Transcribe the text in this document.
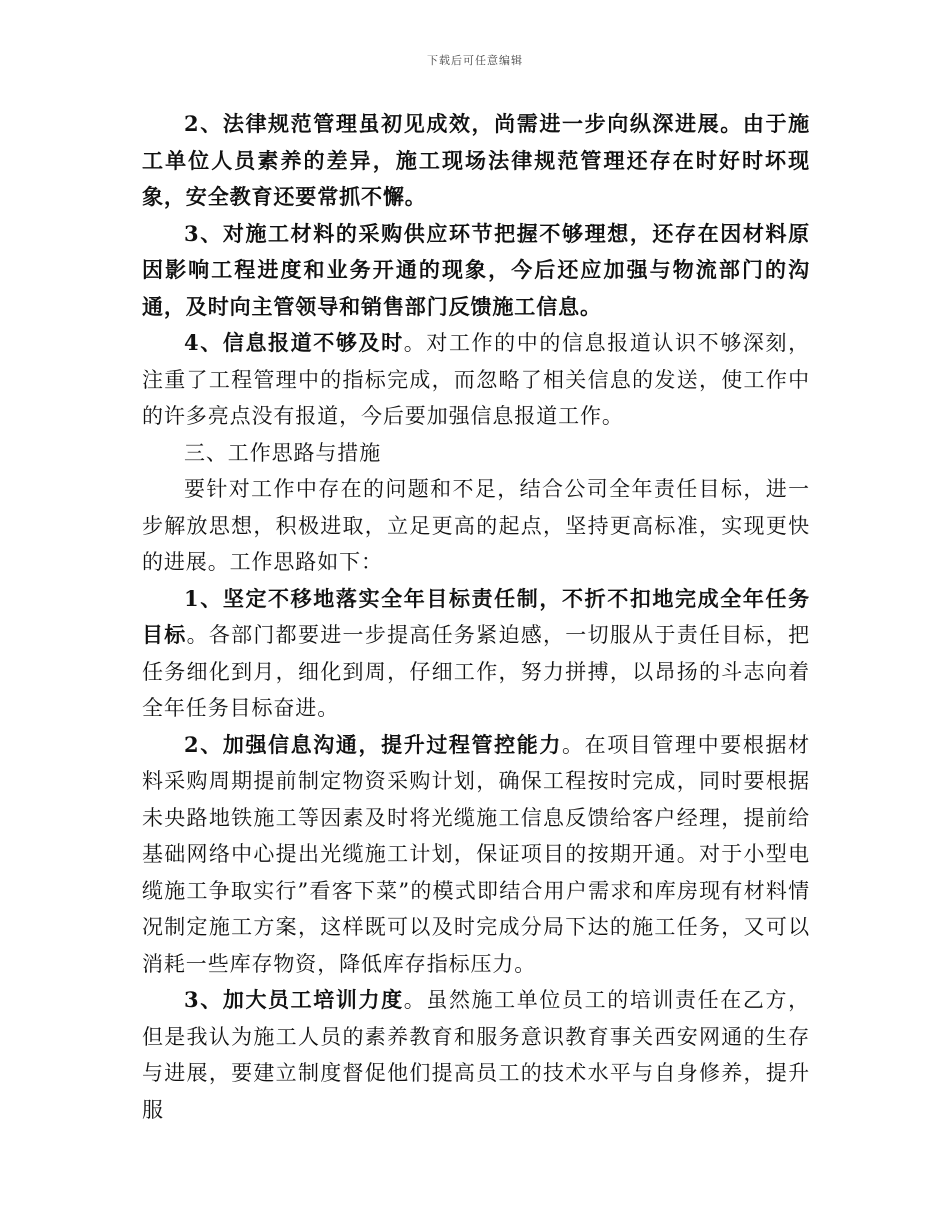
下载后可任意编辑

2、法律规范管理虽初见成效，尚需进一步向纵深进展。由于施工单位人员素养的差异，施工现场法律规范管理还存在时好时坏现象，安全教育还要常抓不懈。

3、对施工材料的采购供应环节把握不够理想，还存在因材料原因影响工程进度和业务开通的现象，今后还应加强与物流部门的沟通，及时向主管领导和销售部门反馈施工信息。

4、信息报道不够及时。对工作的中的信息报道认识不够深刻，注重了工程管理中的指标完成，而忽略了相关信息的发送，使工作中的许多亮点没有报道，今后要加强信息报道工作。

三、工作思路与措施

要针对工作中存在的问题和不足，结合公司全年责任目标，进一步解放思想，积极进取，立足更高的起点，坚持更高标准，实现更快的进展。工作思路如下：

1、坚定不移地落实全年目标责任制，不折不扣地完成全年任务目标。各部门都要进一步提高任务紧迫感，一切服从于责任目标，把任务细化到月，细化到周，仔细工作，努力拼搏，以昂扬的斗志向着全年任务目标奋进。

2、加强信息沟通，提升过程管控能力。在项目管理中要根据材料采购周期提前制定物资采购计划，确保工程按时完成，同时要根据未央路地铁施工等因素及时将光缆施工信息反馈给客户经理，提前给基础网络中心提出光缆施工计划，保证项目的按期开通。对于小型电缆施工争取实行”看客下菜”的模式即结合用户需求和库房现有材料情况制定施工方案，这样既可以及时完成分局下达的施工任务，又可以消耗一些库存物资，降低库存指标压力。

3、加大员工培训力度。虽然施工单位员工的培训责任在乙方，但是我认为施工人员的素养教育和服务意识教育事关西安网通的生存与进展，要建立制度督促他们提高员工的技术水平与自身修养，提升服
